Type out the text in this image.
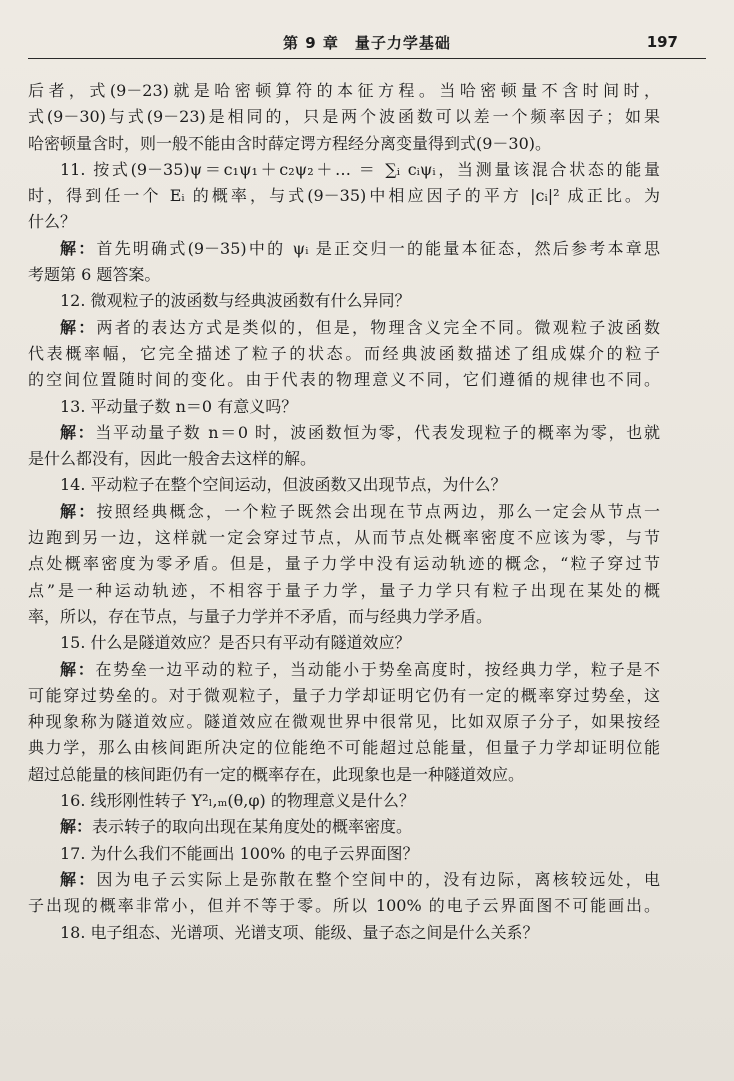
第 9 章　量子力学基础	197
后者，式(9－23)就是哈密顿算符的本征方程。当哈密顿量不含时间时，
式(9－30)与式(9－23)是相同的，只是两个波函数可以差一个频率因子；如果
哈密顿量含时，则一般不能由含时薛定谔方程经分离变量得到式(9－30)。
11. 按式(9－35)ψ＝c₁ψ₁＋c₂ψ₂＋… ＝ ∑ᵢ cᵢψᵢ，当测量该混合状态的能量
时，得到任一个 Eᵢ 的概率，与式(9－35)中相应因子的平方 |cᵢ|² 成正比。为
什么？
解：首先明确式(9－35)中的 ψᵢ 是正交归一的能量本征态，然后参考本章思
考题第 6 题答案。
12. 微观粒子的波函数与经典波函数有什么异同？
解：两者的表达方式是类似的，但是，物理含义完全不同。微观粒子波函数
代表概率幅，它完全描述了粒子的状态。而经典波函数描述了组成媒介的粒子
的空间位置随时间的变化。由于代表的物理意义不同，它们遵循的规律也不同。
13. 平动量子数 n＝0 有意义吗？
解：当平动量子数 n＝0 时，波函数恒为零，代表发现粒子的概率为零，也就
是什么都没有，因此一般舍去这样的解。
14. 平动粒子在整个空间运动，但波函数又出现节点，为什么？
解：按照经典概念，一个粒子既然会出现在节点两边，那么一定会从节点一
边跑到另一边，这样就一定会穿过节点，从而节点处概率密度不应该为零，与节
点处概率密度为零矛盾。但是，量子力学中没有运动轨迹的概念，“粒子穿过节
点”是一种运动轨迹，不相容于量子力学，量子力学只有粒子出现在某处的概
率，所以，存在节点，与量子力学并不矛盾，而与经典力学矛盾。
15. 什么是隧道效应？是否只有平动有隧道效应？
解：在势垒一边平动的粒子，当动能小于势垒高度时，按经典力学，粒子是不
可能穿过势垒的。对于微观粒子，量子力学却证明它仍有一定的概率穿过势垒，这
种现象称为隧道效应。隧道效应在微观世界中很常见，比如双原子分子，如果按经
典力学，那么由核间距所决定的位能绝不可能超过总能量，但量子力学却证明位能
超过总能量的核间距仍有一定的概率存在，此现象也是一种隧道效应。
16. 线形刚性转子 Y²ₗ,ₘ(θ,φ) 的物理意义是什么？
解：表示转子的取向出现在某角度处的概率密度。
17. 为什么我们不能画出 100% 的电子云界面图？
解：因为电子云实际上是弥散在整个空间中的，没有边际，离核较远处，电
子出现的概率非常小，但并不等于零。所以 100% 的电子云界面图不可能画出。
18. 电子组态、光谱项、光谱支项、能级、量子态之间是什么关系？
